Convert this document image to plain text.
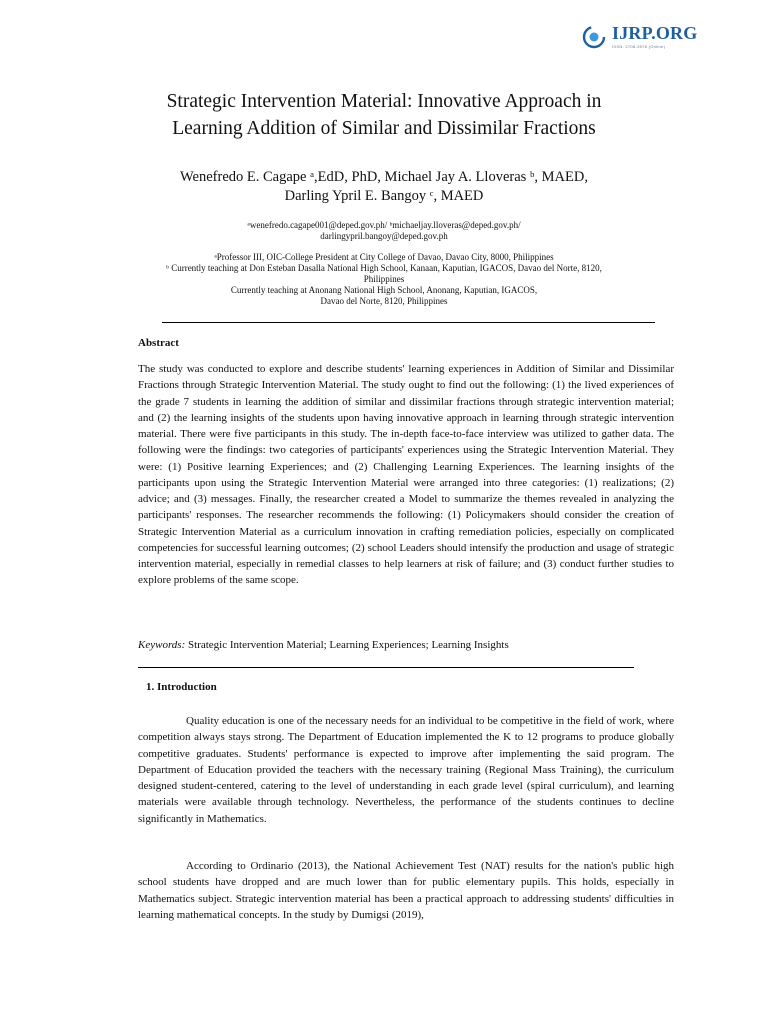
IJRP.ORG
ISSN: 2708-3578 (Online)
Strategic Intervention Material: Innovative Approach in
Learning Addition of Similar and Dissimilar Fractions
Wenefredo E. Cagape ᵃ,EdD, PhD, Michael Jay A. Lloveras ᵇ, MAED,
Darling Ypril E. Bangoy ᶜ, MAED
ᵃwenefredo.cagape001@deped.gov.ph/ ᵇmichaeljay.lloveras@deped.gov.ph/
darlingypril.bangoy@deped.gov.ph
ᵃProfessor III, OIC-College President at City College of Davao, Davao City, 8000, Philippines
ᵇ Currently teaching at Don Esteban Dasalla National High School, Kanaan, Kaputian, IGACOS, Davao del Norte, 8120,
Philippines
Currently teaching at Anonang National High School, Anonang, Kaputian, IGACOS,
Davao del Norte, 8120, Philippines
Abstract
The study was conducted to explore and describe students' learning experiences in Addition of Similar and Dissimilar Fractions through Strategic Intervention Material. The study ought to find out the following: (1) the lived experiences of the grade 7 students in learning the addition of similar and dissimilar fractions through strategic intervention material; and (2) the learning insights of the students upon having innovative approach in learning through strategic intervention material. There were five participants in this study. The in-depth face-to-face interview was utilized to gather data. The following were the findings: two categories of participants' experiences using the Strategic Intervention Material. They were: (1) Positive learning Experiences; and (2) Challenging Learning Experiences. The learning insights of the participants upon using the Strategic Intervention Material were arranged into three categories: (1) realizations; (2) advice; and (3) messages. Finally, the researcher created a Model to summarize the themes revealed in analyzing the participants' responses. The researcher recommends the following: (1) Policymakers should consider the creation of Strategic Intervention Material as a curriculum innovation in crafting remediation policies, especially on complicated competencies for successful learning outcomes; (2) school Leaders should intensify the production and usage of strategic intervention material, especially in remedial classes to help learners at risk of failure; and (3) conduct further studies to explore problems of the same scope.
Keywords: Strategic Intervention Material; Learning Experiences; Learning Insights
1. Introduction
Quality education is one of the necessary needs for an individual to be competitive in the field of work, where competition always stays strong. The Department of Education implemented the K to 12 programs to produce globally competitive graduates. Students' performance is expected to improve after implementing the said program. The Department of Education provided the teachers with the necessary training (Regional Mass Training), the curriculum designed student-centered, catering to the level of understanding in each grade level (spiral curriculum), and learning materials were available through technology. Nevertheless, the performance of the students continues to decline significantly in Mathematics.
According to Ordinario (2013), the National Achievement Test (NAT) results for the nation's public high school students have dropped and are much lower than for public elementary pupils. This holds, especially in Mathematics subject. Strategic intervention material has been a practical approach to addressing students' difficulties in learning mathematical concepts. In the study by Dumigsi (2019),
